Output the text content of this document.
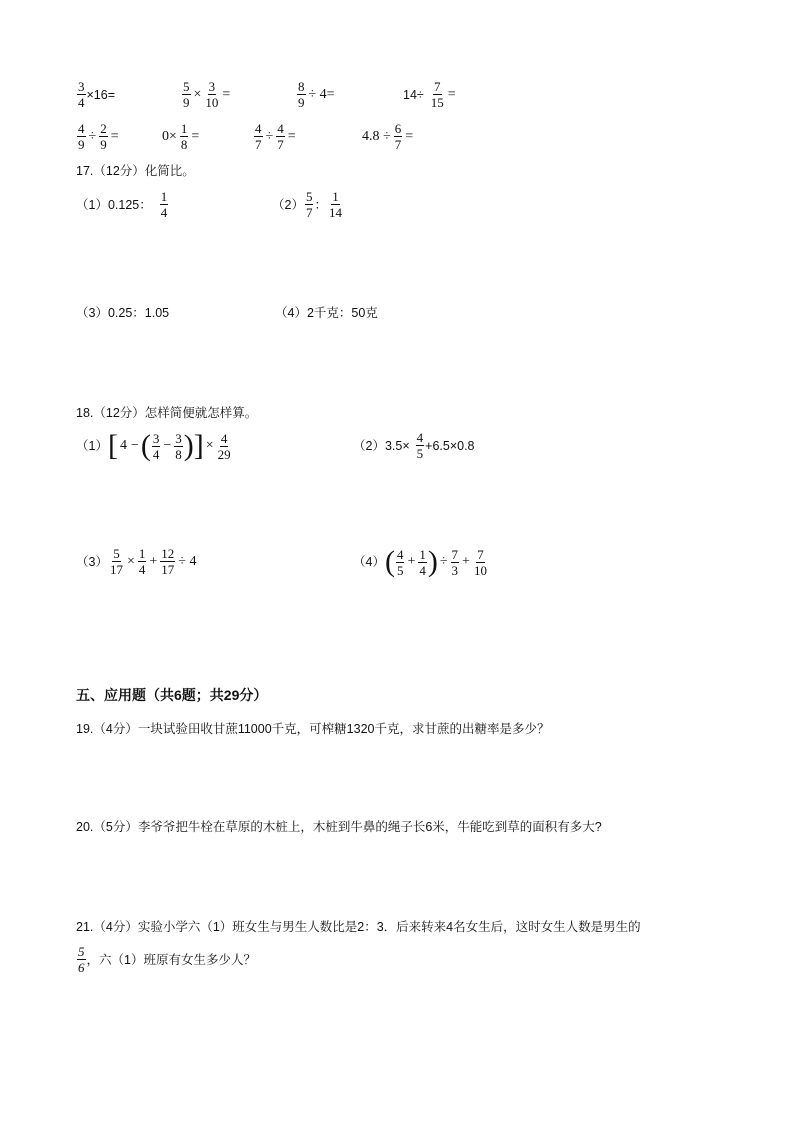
$\frac{3}{4} \times 16=$	$\frac{5}{9} \times \frac{3}{10}$ =	$\frac{8}{9} \div 4=$	$14\div \frac{7}{15}$ =
$\frac{4}{9} \div \frac{2}{9}$ =	$0\times \frac{1}{8}$ =	$\frac{4}{7} \div \frac{4}{7}$ =	$4.8 \div \frac{6}{7}$ =
17.（12分）化简比。
（1）0.125： $\frac{1}{4}$	$(2) \frac{5}{7}$ ： $\frac{1}{14}$
（3）0.25：1.05	（4）2千克：50克
18.（12分）怎样简便就怎样算。
（1） [ 4 − ( $\frac{3}{4} - \frac{3}{8}$ ) ] × $\frac{4}{29}$	$(2)3.5\times \frac{4}{5} +6.5\times 0.8$
$(3) \frac{5}{17} \times \frac{1}{4} + \frac{12}{17} \div 4$	（4） ( $\frac{4}{5} + \frac{1}{4}$ ) ÷ $\frac{7}{3} + \frac{7}{10}$
五、应用题（共6题；共29分）
19.（4分）一块试验田收甘蔗11000千克，可榨糖1320千克，求甘蔗的出糖率是多少？
20.（5分）李爷爷把牛栓在草原的木桩上，木桩到牛鼻的绳子长6米，牛能吃到草的面积有多大?
21.（4分）实验小学六（1）班女生与男生人数比是2：3．后来转来4名女生后，这时女生人数是男生的
$\frac{5}{6}$ ，六（1）班原有女生多少人？
